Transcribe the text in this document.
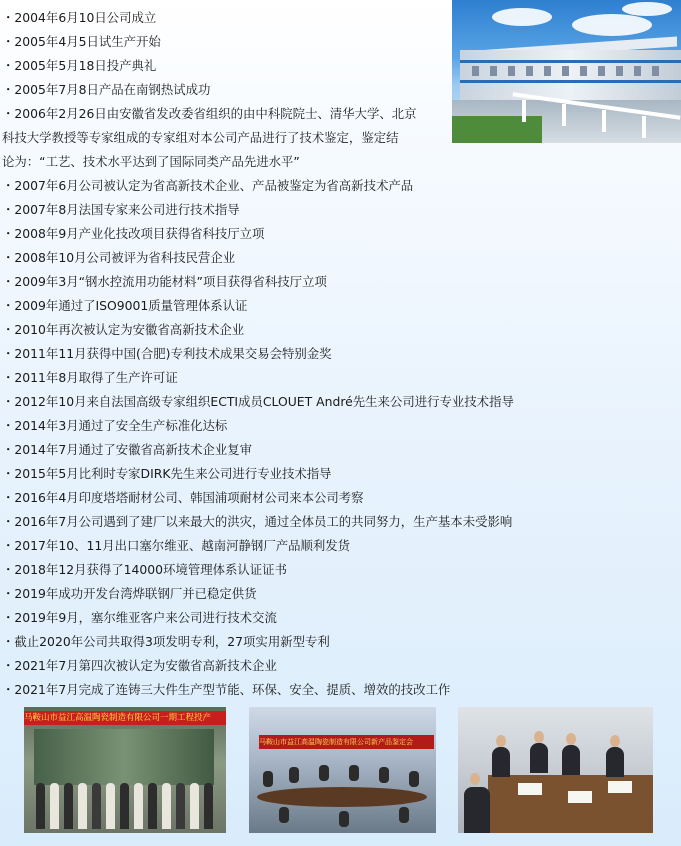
・2004年6月10日公司成立
・2005年4月5日试生产开始
・2005年5月18日投产典礼
・2005年7月8日产品在南钢热试成功
・2006年2月26日由安徽省发改委省组织的由中科院院士、清华大学、北京
科技大学教授等专家组成的专家组对本公司产品进行了技术鉴定，鉴定结
论为：“工艺、技术水平达到了国际同类产品先进水平”
・2007年6月公司被认定为省高新技术企业、产品被鉴定为省高新技术产品
・2007年8月法国专家来公司进行技术指导
・2008年9月产业化技改项目获得省科技厅立项
・2008年10月公司被评为省科技民营企业
・2009年3月“钢水控流用功能材料”项目获得省科技厅立项
・2009年通过了ISO9001质量管理体系认证
・2010年再次被认定为安徽省高新技术企业
・2011年11月获得中国(合肥)专利技术成果交易会特别金奖
・2011年8月取得了生产许可证
・2012年10月来自法国高级专家组织ECTI成员CLOUET André先生来公司进行专业技术指导
・2014年3月通过了安全生产标准化达标
・2014年7月通过了安徽省高新技术企业复审
・2015年5月比利时专家DIRK先生来公司进行专业技术指导
・2016年4月印度塔塔耐材公司、韩国浦项耐材公司来本公司考察
・2016年7月公司遇到了建厂以来最大的洪灾，通过全体员工的共同努力，生产基本未受影响
・2017年10、11月出口塞尔维亚、越南河静钢厂产品顺利发货
・2018年12月获得了14000环境管理体系认证证书
・2019年成功开发台湾烨联钢厂并已稳定供货
・2019年9月，塞尔维亚客户来公司进行技术交流
・截止2020年公司共取得3项发明专利，27项实用新型专利
・2021年7月第四次被认定为安徽省高新技术企业
・2021年7月完成了连铸三大件生产型节能、环保、安全、提质、增效的技改工作
马鞍山市益江高温陶瓷制造有限公司一期工程投产
马鞍山市益江高温陶瓷制造有限公司新产品鉴定会
